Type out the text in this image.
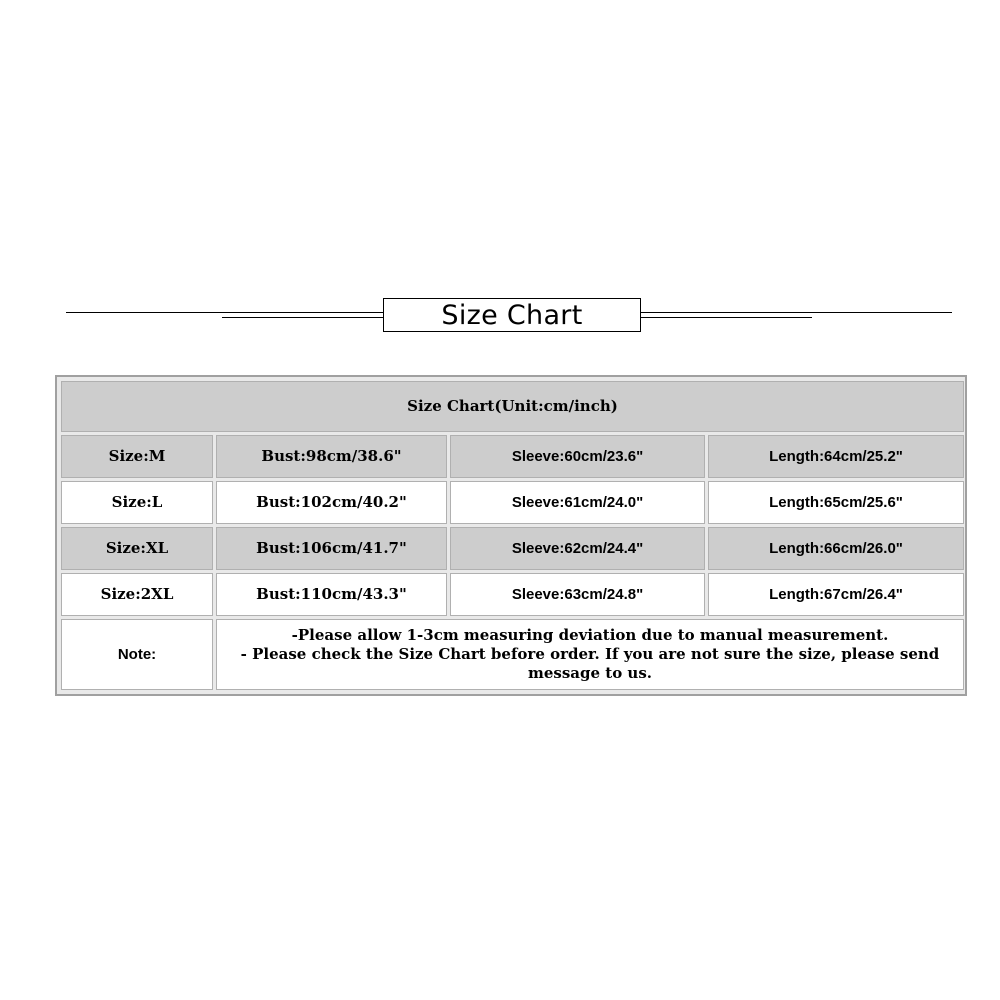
Size Chart
Size Chart(Unit:cm/inch)			
Size:M	Bust:98cm/38.6"	Sleeve:60cm/23.6"	Length:64cm/25.2"
Size:L	Bust:102cm/40.2"	Sleeve:61cm/24.0"	Length:65cm/25.6"
Size:XL	Bust:106cm/41.7"	Sleeve:62cm/24.4"	Length:66cm/26.0"
Size:2XL	Bust:110cm/43.3"	Sleeve:63cm/24.8"	Length:67cm/26.4"
Note:	-Please allow 1-3cm measuring deviation due to manual measurement.
- Please check the Size Chart before order. If you are not sure the size, please send message to us.		
